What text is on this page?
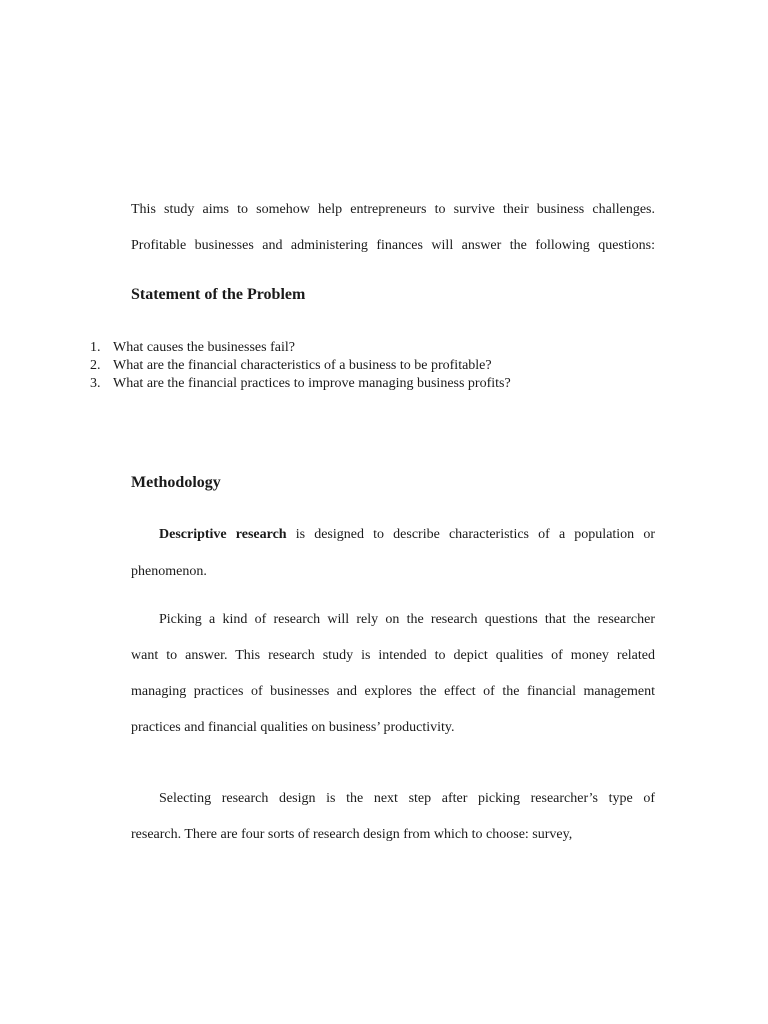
This study aims to somehow help entrepreneurs to survive their business challenges.
Profitable businesses and administering finances will answer the following questions:
Statement of the Problem
1. What causes the businesses fail?
2. What are the financial characteristics of a business to be profitable?
3. What are the financial practices to improve managing business profits?
Methodology
Descriptive research is designed to describe characteristics of a population or
phenomenon.
Picking a kind of research will rely on the research questions that the researcher
want to answer. This research study is intended to depict qualities of money related
managing practices of businesses and explores the effect of the financial management
practices and financial qualities on business’ productivity.
Selecting research design is the next step after picking researcher’s type of
research. There are four sorts of research design from which to choose: survey,
